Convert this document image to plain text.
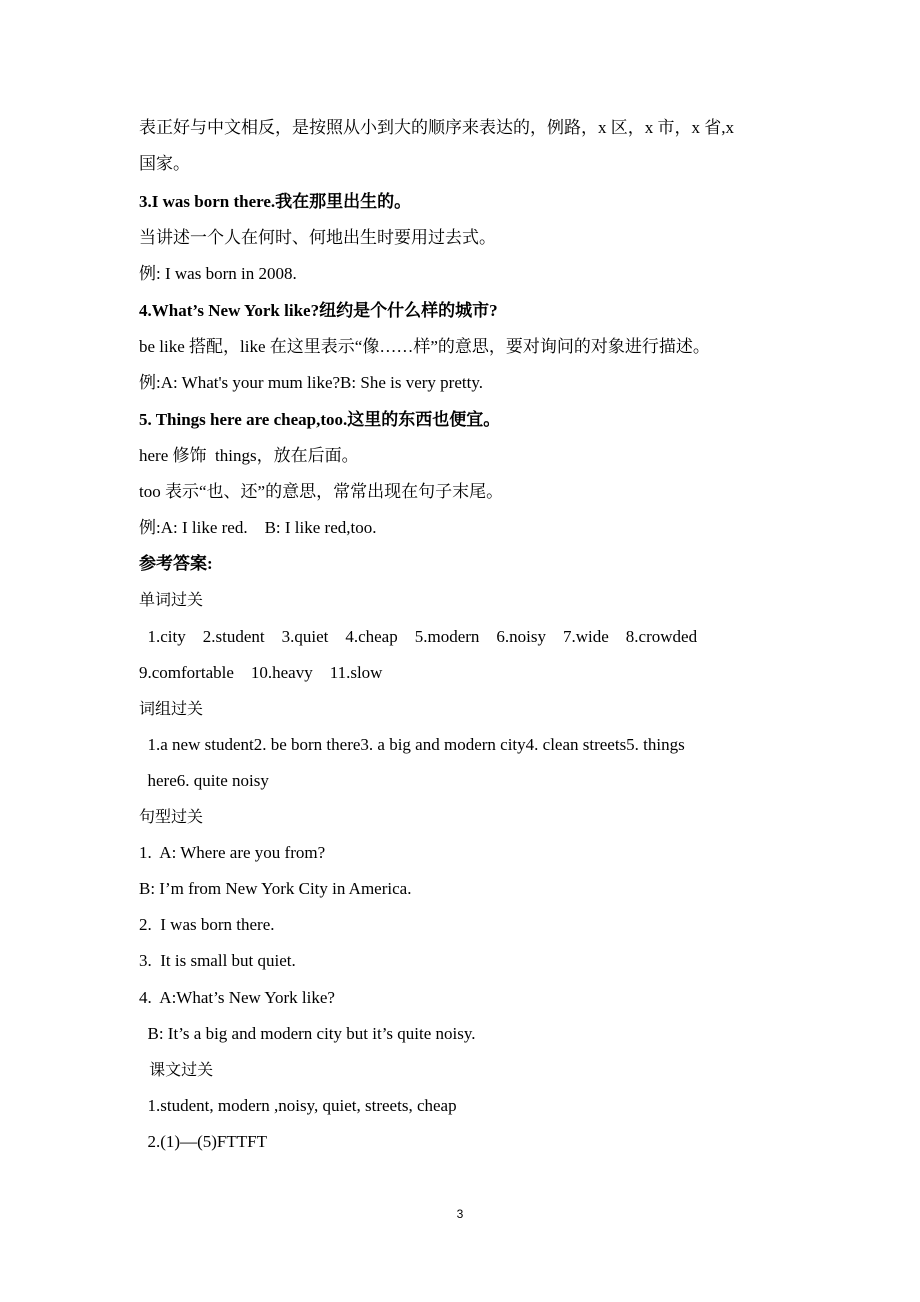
表正好与中文相反，是按照从小到大的顺序来表达的，例路，x 区，x 市，x 省,x
国家。
3.I was born there.我在那里出生的。
当讲述一个人在何时、何地出生时要用过去式。
例: I was born in 2008.
4.What’s New York like?纽约是个什么样的城市?
be like 搭配，like 在这里表示“像……样”的意思，要对询问的对象进行描述。
例:A: What's your mum like?B: She is very pretty.
5. Things here are cheap,too.这里的东西也便宜。
here 修饰  things，放在后面。
too 表示“也、还”的意思，常常出现在句子末尾。
例:A: I like red.    B: I like red,too.
参考答案:
单词过关
1.city    2.student    3.quiet    4.cheap    5.modern    6.noisy    7.wide    8.crowded
9.comfortable    10.heavy    11.slow
词组过关
1.a new student2. be born there3. a big and modern city4. clean streets5. things
here6. quite noisy
句型过关
1.  A: Where are you from?
B: I’m from New York City in America.
2.  I was born there.
3.  It is small but quiet.
4.  A:What’s New York like?
B: It’s a big and modern city but it’s quite noisy.
课文过关
1.student, modern ,noisy, quiet, streets, cheap
2.(1)—(5)FTTFT
3
